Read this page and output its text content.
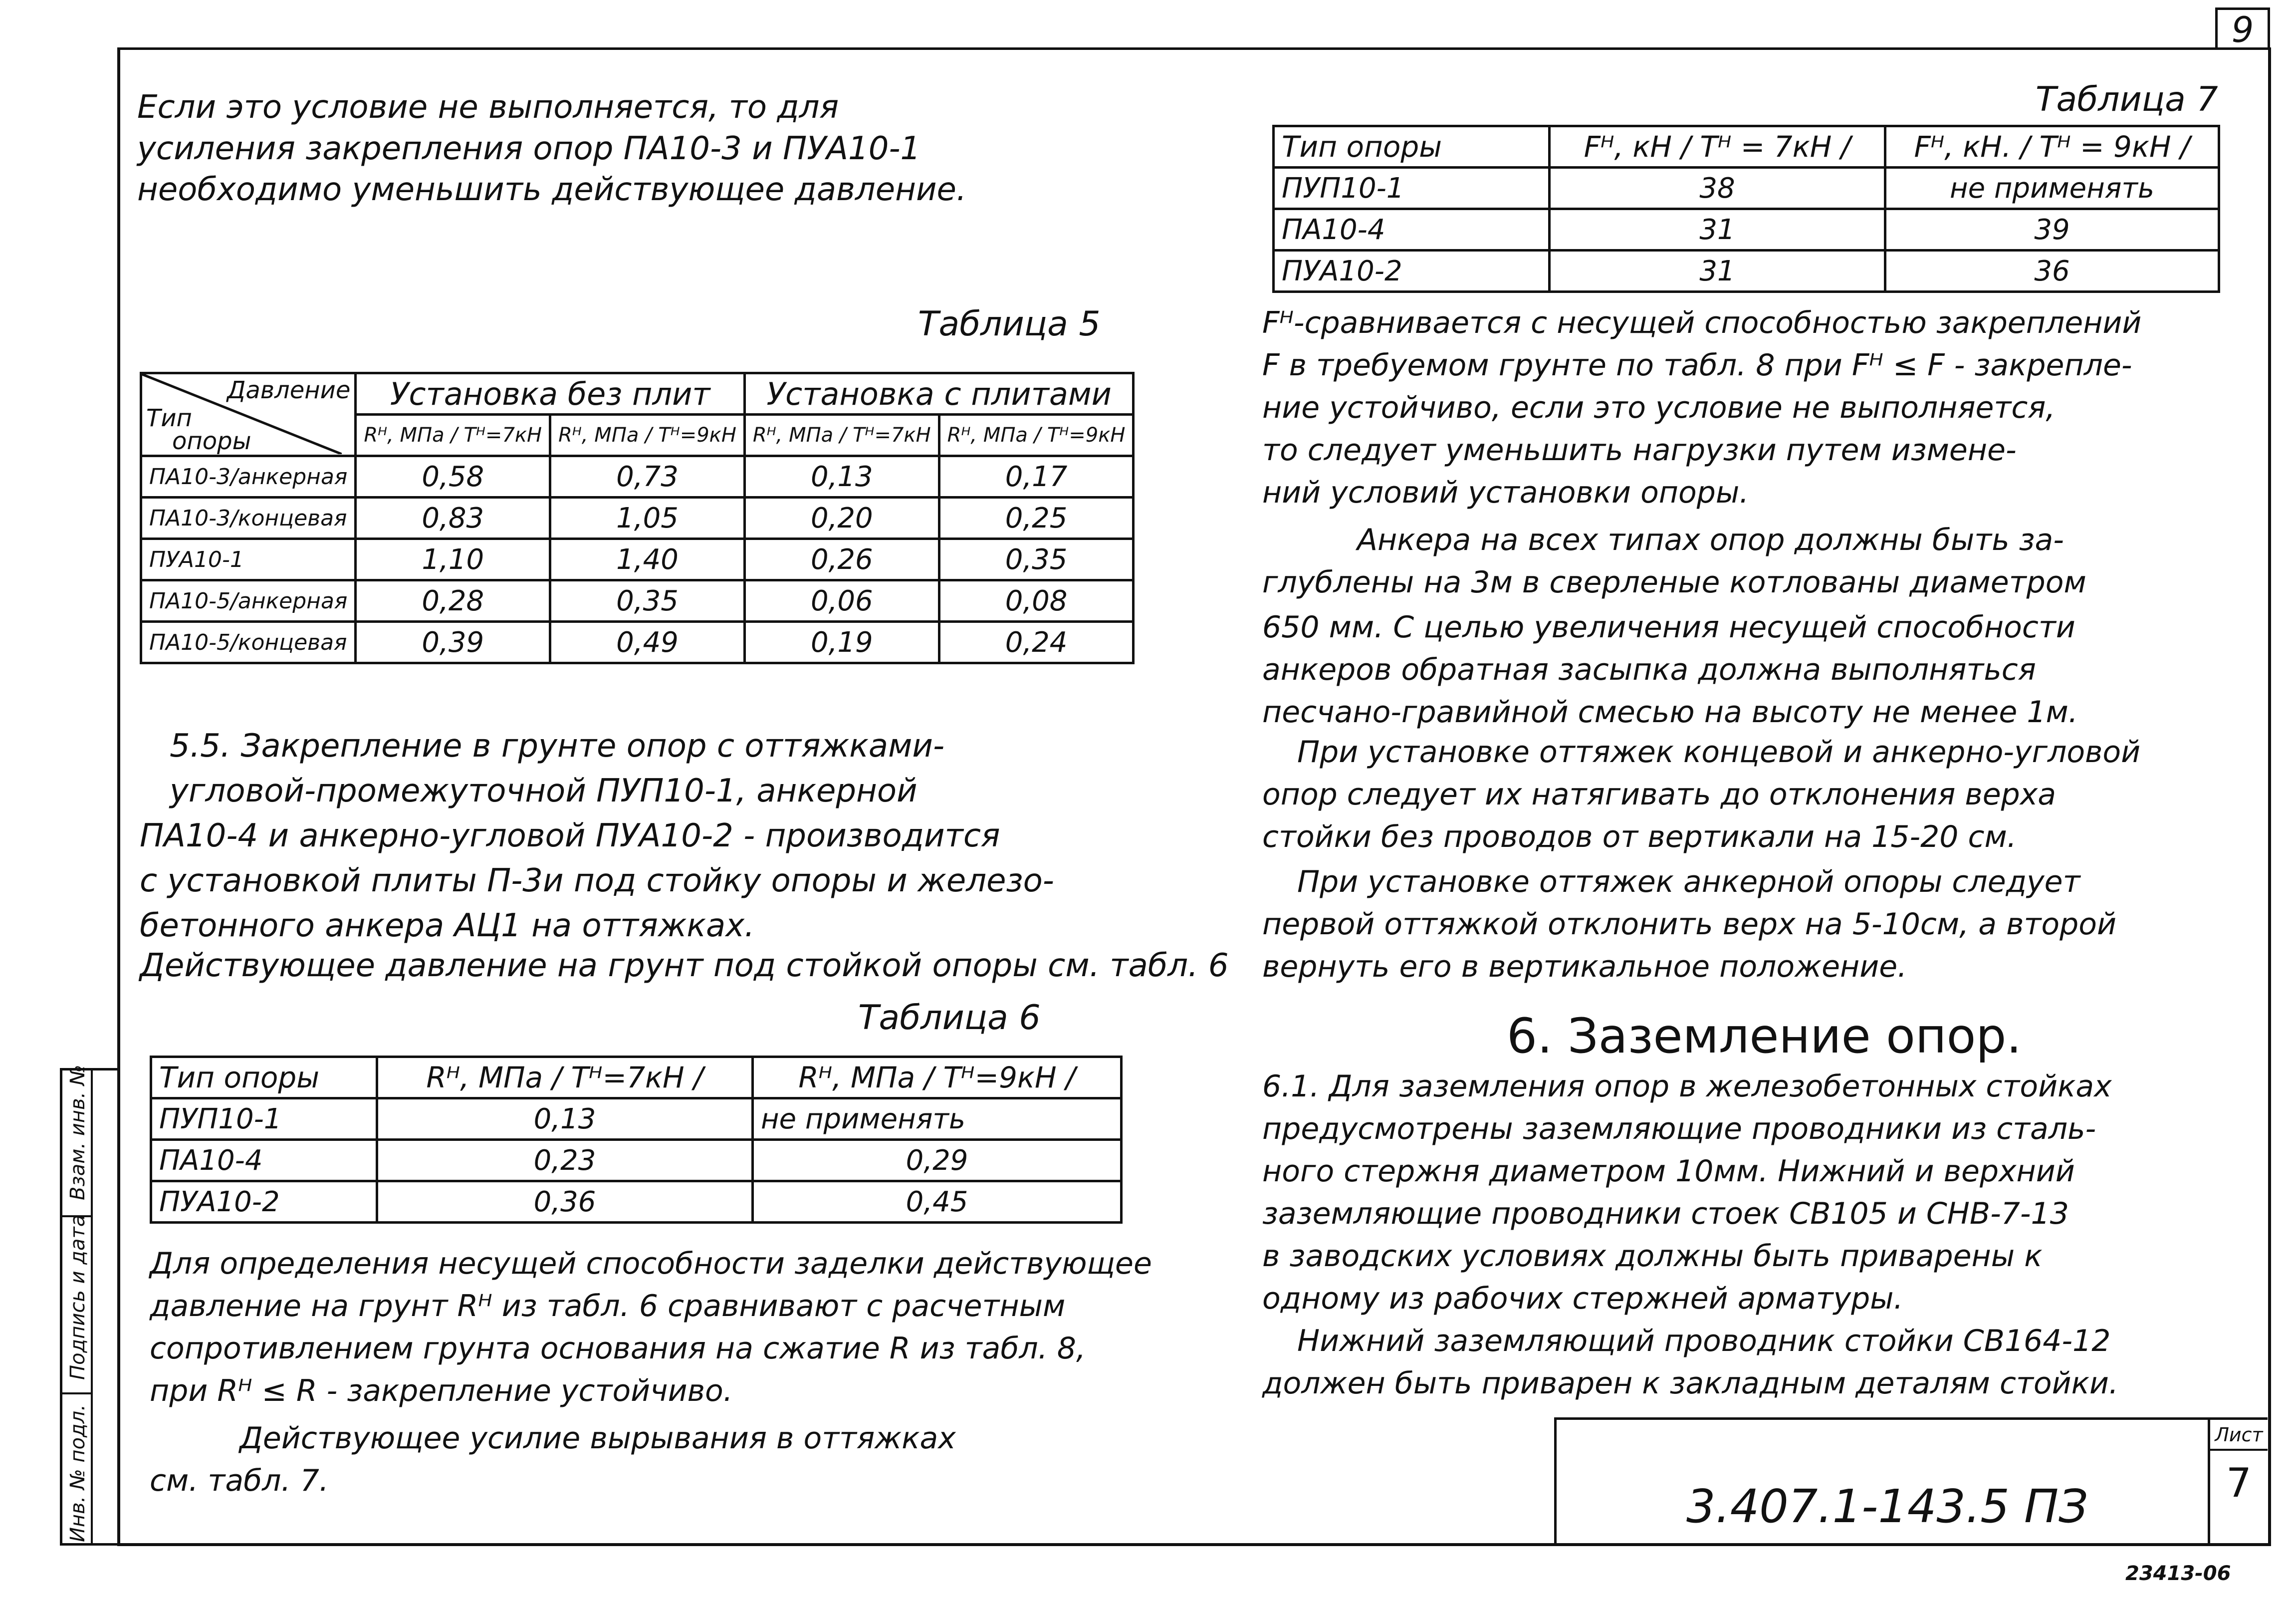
9
Инв. № подл.
Подпись и дата
Взам. инв. №
Если это условие не выполняется, то для
усиления закрепления опор ПА10-3 и ПУА10-1
необходимо уменьшить действующее давление.
Таблица 5
Давление
Тип
опоры	Установка без плит		Установка с плитами	
	Rᴴ, МПа / Tᴴ=7кН	Rᴴ, МПа / Tᴴ=9кН	Rᴴ, МПа / Tᴴ=7кН	Rᴴ, МПа / Tᴴ=9кН
ПА10-3/анкерная	0,58	0,73	0,13	0,17
ПА10-3/концевая	0,83	1,05	0,20	0,25
ПУА10-1	1,10	1,40	0,26	0,35
ПА10-5/анкерная	0,28	0,35	0,06	0,08
ПА10-5/концевая	0,39	0,49	0,19	0,24
5.5. Закрепление в грунте опор с оттяжками-
угловой-промежуточной ПУП10-1, анкерной
ПА10-4 и анкерно-угловой ПУА10-2 - производится
с установкой плиты П-3и под стойку опоры и железо-
бетонного анкера АЦ1 на оттяжках.
Действующее давление на грунт под стойкой опоры см. табл. 6
Таблица 6
Тип опоры	Rᴴ, МПа / Tᴴ=7кН /	Rᴴ, МПа / Tᴴ=9кН /
ПУП10-1	0,13	не применять
ПА10-4	0,23	0,29
ПУА10-2	0,36	0,45
Для определения несущей способности заделки действующее
давление на грунт Rᴴ из табл. 6 сравнивают с расчетным
сопротивлением грунта основания на сжатие R из табл. 8,
при Rᴴ ≤ R - закрепление устойчиво.
Действующее усилие вырывания в оттяжках
см. табл. 7.
Таблица 7
Тип опоры	Fᴴ, кН / Tᴴ = 7кН /	Fᴴ, кН. / Tᴴ = 9кН /
ПУП10-1	38	не применять
ПА10-4	31	39
ПУА10-2	31	36
Fᴴ-сравнивается с несущей способностью закреплений
F в требуемом грунте по табл. 8 при Fᴴ ≤ F - закрепле-
ние устойчиво, если это условие не выполняется,
то следует уменьшить нагрузки путем измене-
ний условий установки опоры.
Анкера на всех типах опор должны быть за-
глублены на 3м в сверленые котлованы диаметром
650 мм. С целью увеличения несущей способности
анкеров обратная засыпка должна выполняться
песчано-гравийной смесью на высоту не менее 1м.
При установке оттяжек концевой и анкерно-угловой
опор следует их натягивать до отклонения верха
стойки без проводов от вертикали на 15-20 см.
При установке оттяжек анкерной опоры следует
первой оттяжкой отклонить верх на 5-10см, а второй
вернуть его в вертикальное положение.
6. Заземление опор.
6.1. Для заземления опор в железобетонных стойках
предусмотрены заземляющие проводники из сталь-
ного стержня диаметром 10мм. Нижний и верхний
заземляющие проводники стоек СВ105 и СНВ-7-13
в заводских условиях должны быть приварены к
одному из рабочих стержней арматуры.
Нижний заземляющий проводник стойки СВ164-12
должен быть приварен к закладным деталям стойки.
3.407.1-143.5 ПЗ
Лист
7
23413-06
